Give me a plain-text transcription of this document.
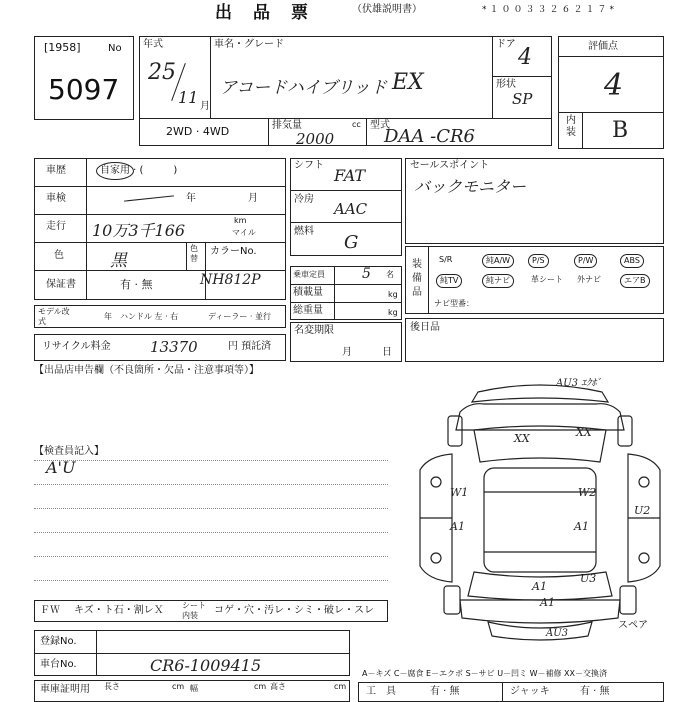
出　品　票	（伏雄説明書）	*１００３３２６２１７*
[1958]	No
5097
年式
25
11 月
車名・グレード
アコードハイブリッド EX
ドア
4
形状
SP
2WD · 4WD	排気量	cc
2000
型式
DAA -CR6
評価点
4
内装 B
車歴	自家用 · (　　　)
車検	年	月
走行 10万3千166
km
マイル
色	黒
色替
カラーNo.
NH812P
保証書	有 · 無
モデル改　　式
年 ハンドル 左 · 右	ディーラー · 並行
リサイクル料金	13370	円 預託済
シフト
FAT
冷房
AAC
燃料
G
乗車定員	5 名
積載量	kg
総重量	kg
名変期限
月	日
セールスポイント
バックモニター
装備品
S/R	純A/W	P/S	P/W	ABS
純TV	純ナビ	革シート	外ナビ	エアB
ナビ型番：
後日品
【出品店申告欄（不良箇所・欠品・注意事項等）】
【検査員記入】
A'U
ＦＷ キズ・ト石・割レＸ シート内装	コゲ・穴・汚レ・シミ・破レ・スレ
登録No.
車台No.	CR6-1009415
車庫証明用 長さ	cm 幅	cm 高さ	cm
AU3 ｴｸﾎﾞ
XX	XX
W1	W2
A1	A1
U2
A1
U3
A1
AU3
スペア
A－キズ C－腐食 E－エクボ S－サビ U－凹ミ W－補修 XX－交換済
工　具	有 · 無	ジャッキ	有 · 無
